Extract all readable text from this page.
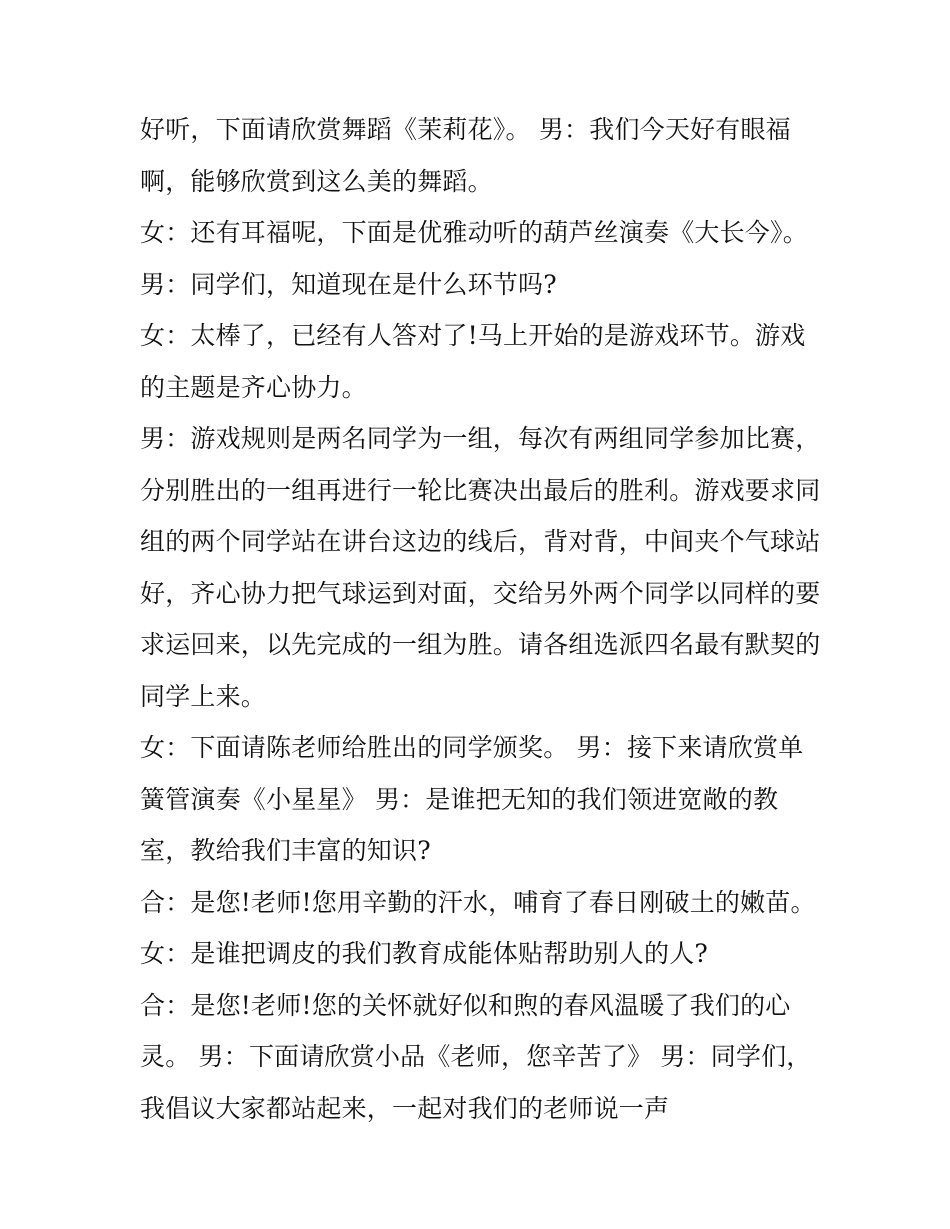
好听，下面请欣赏舞蹈《茉莉花》。 男：我们今天好有眼福
啊，能够欣赏到这么美的舞蹈。
女：还有耳福呢，下面是优雅动听的葫芦丝演奏《大长今》。
男：同学们，知道现在是什么环节吗?
女：太棒了，已经有人答对了!马上开始的是游戏环节。游戏
的主题是齐心协力。
男：游戏规则是两名同学为一组，每次有两组同学参加比赛，
分别胜出的一组再进行一轮比赛决出最后的胜利。游戏要求同
组的两个同学站在讲台这边的线后，背对背，中间夹个气球站
好，齐心协力把气球运到对面，交给另外两个同学以同样的要
求运回来，以先完成的一组为胜。请各组选派四名最有默契的
同学上来。
女：下面请陈老师给胜出的同学颁奖。 男：接下来请欣赏单
簧管演奏《小星星》 男：是谁把无知的我们领进宽敞的教
室，教给我们丰富的知识?
合：是您!老师!您用辛勤的汗水，哺育了春日刚破土的嫩苗。
女：是谁把调皮的我们教育成能体贴帮助别人的人?
合：是您!老师!您的关怀就好似和煦的春风温暖了我们的心
灵。 男：下面请欣赏小品《老师，您辛苦了》 男：同学们，
我倡议大家都站起来，一起对我们的老师说一声
